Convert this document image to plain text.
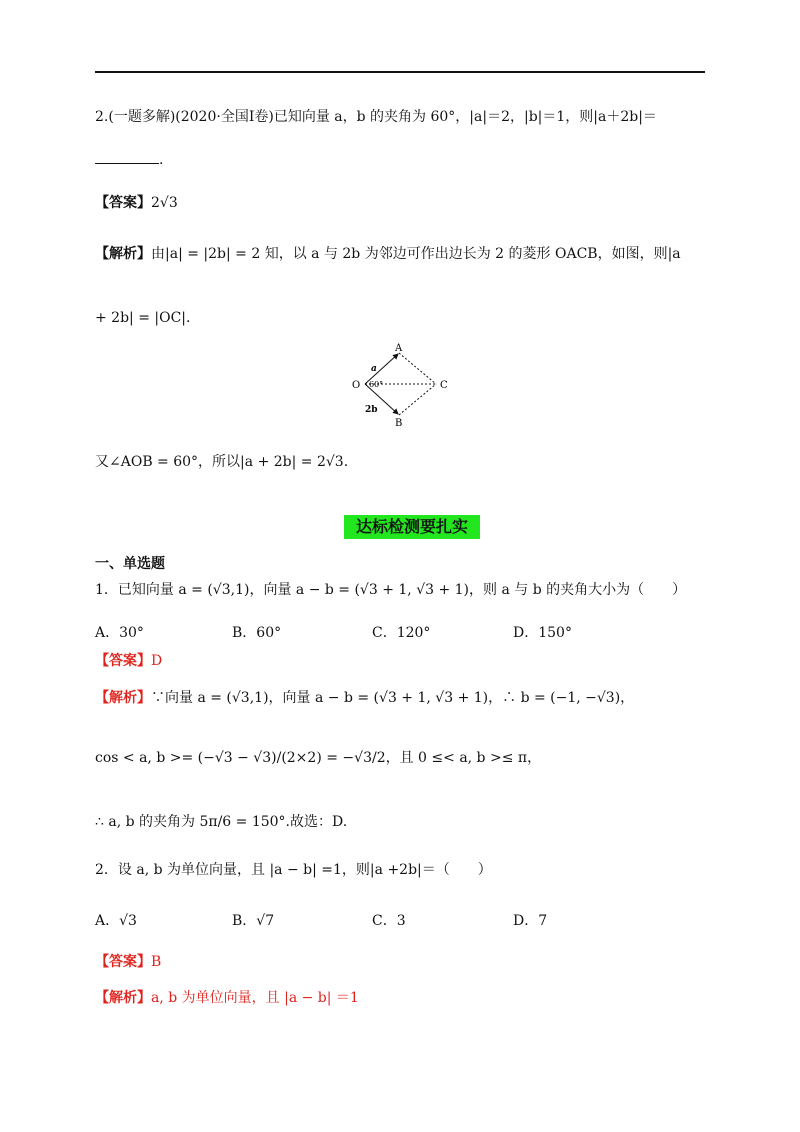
2.(一题多解)(2020·全国Ⅰ卷)已知向量 a，b 的夹角为 60°，|a|＝2，|b|＝1，则|a＋2b|＝
.
【答案】2√3
【解析】由|a| = |2b| = 2 知，以 a 与 2b 为邻边可作出边长为 2 的菱形 OACB，如图，则|a
+ 2b| = |OC|.
O
A
B
C
a
2b
60°
又∠AOB = 60°，所以|a + 2b| = 2√3.
达标检测要扎实
一、单选题
1．已知向量 a = (√3,1)，向量 a − b = (√3 + 1, √3 + 1)，则 a 与 b 的夹角大小为（　　）
A．30°	B．60°	C．120°	D．150°
【答案】D
【解析】∵向量 a = (√3,1)，向量 a − b = (√3 + 1, √3 + 1)，∴ b = (−1, −√3)，
cos < a, b >= (−√3 − √3)/(2×2) = −√3/2，且 0 ≤< a, b >≤ π，
∴ a, b 的夹角为 5π/6 = 150°.故选：D.
2．设 a, b 为单位向量，且 |a − b| =1，则|a +2b|＝（　　）
A．√3	B．√7	C．3	D．7
【答案】B
【解析】a, b 为单位向量，且 |a − b| ＝1
